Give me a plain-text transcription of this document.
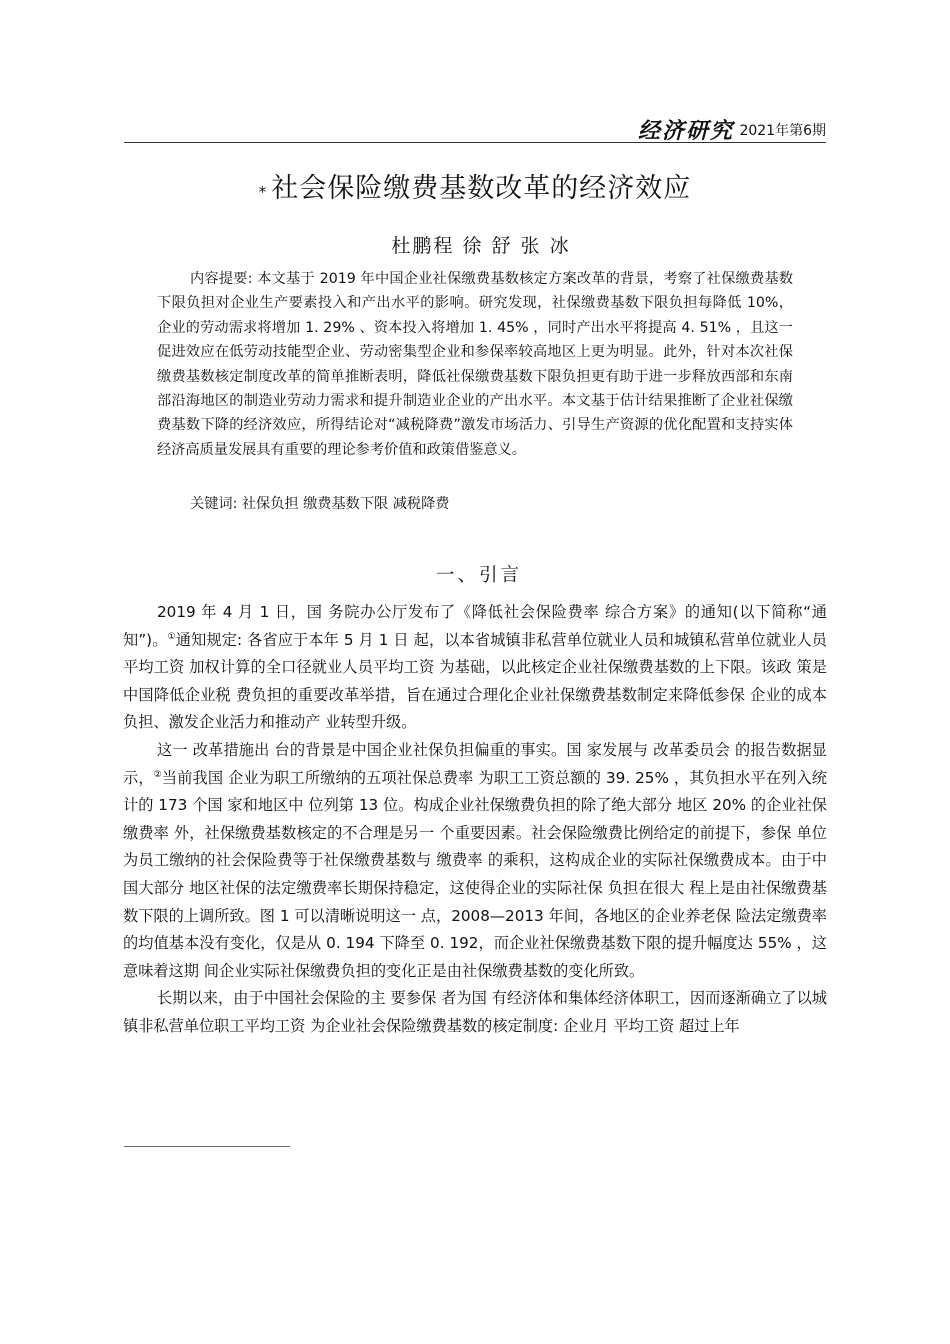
经济研究 2021年第6期
* 社会保险缴费基数改革的经济效应
杜鹏程 徐 舒 张 冰

内容提要: 本文基于 2019 年中国企业社保缴费基数核定方案改革的背景，考察了社保缴费基数下限负担对企业生产要素投入和产出水平的影响。研究发现，社保缴费基数下限负担每降低 10%， 企业的劳动需求将增加 1. 29% 、资本投入将增加 1. 45% ，同时产出水平将提高 4. 51% ，且这一促进效应在低劳动技能型企业、劳动密集型企业和参保率较高地区上更为明显。此外，针对本次社保缴费基数核定制度改革的简单推断表明，降低社保缴费基数下限负担更有助于进一步释放西部和东南部沿海地区的制造业劳动力需求和提升制造业企业的产出水平。本文基于估计结果推断了企业社保缴费基数下降的经济效应，所得结论对“减税降费”激发市场活力、引导生产资源的优化配置和支持实体经济高质量发展具有重要的理论参考价值和政策借鉴意义。

关键词: 社保负担 缴费基数下限 减税降费
一、引言

2019 年 4 月 1 日，国 务院办公厅发布了《降低社会保险费率 综合方案》的通知(以下简称“通知”)。①通知规定: 各省应于本年 5 月 1 日 起，以本省城镇非私营单位就业人员和城镇私营单位就业人员平均工资 加权计算的全口径就业人员平均工资 为基础，以此核定企业社保缴费基数的上下限。该政 策是中国降低企业税 费负担的重要改革举措，旨在通过合理化企业社保缴费基数制定来降低参保 企业的成本负担、激发企业活力和推动产 业转型升级。

这一 改革措施出 台的背景是中国企业社保负担偏重的事实。国 家发展与 改革委员会 的报告数据显示，②当前我国 企业为职工所缴纳的五项社保总费率 为职工工资总额的 39. 25% ，其负担水平在列入统 计的 173 个国 家和地区中 位列第 13 位。构成企业社保缴费负担的除了绝大部分 地区 20% 的企业社保缴费率 外，社保缴费基数核定的不合理是另一 个重要因素。社会保险缴费比例给定的前提下，参保 单位为员工缴纳的社会保险费等于社保缴费基数与 缴费率 的乘积，这构成企业的实际社保缴费成本。由于中国大部分 地区社保的法定缴费率长期保持稳定，这使得企业的实际社保 负担在很大 程上是由社保缴费基数下限的上调所致。图 1 可以清晰说明这一 点，2008—2013 年间，各地区的企业养老保 险法定缴费率 的均值基本没有变化，仅是从 0. 194 下降至 0. 192，而企业社保缴费基数下限的提升幅度达 55% ，这意味着这期 间企业实际社保缴费负担的变化正是由社保缴费基数的变化所致。

长期以来，由于中国社会保险的主 要参保 者为国 有经济体和集体经济体职工，因而逐渐确立了以城镇非私营单位职工平均工资 为企业社会保险缴费基数的核定制度: 企业月 平均工资 超过上年
